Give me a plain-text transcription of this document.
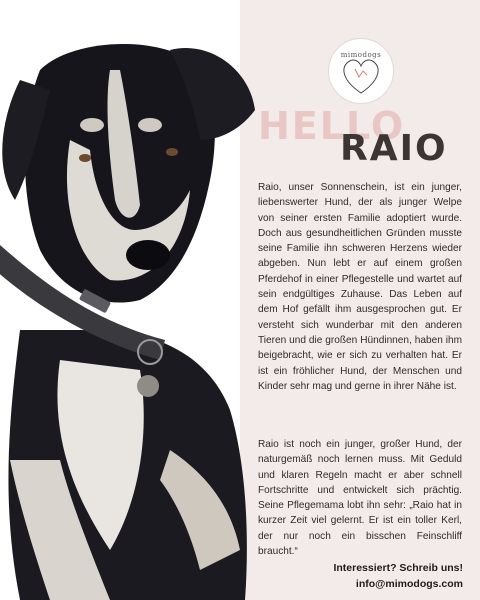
mimodogs
HELLO
RAIO

Raio, unser Sonnenschein, ist ein junger, liebenswerter Hund, der als junger Welpe von seiner ersten Familie adoptiert wurde. Doch aus gesundheitlichen Gründen musste seine Familie ihn schweren Herzens wieder abgeben. Nun lebt er auf einem großen Pferdehof in einer Pflegestelle und wartet auf sein endgültiges Zuhause. Das Leben auf dem Hof gefällt ihm ausgesprochen gut. Er versteht sich wunderbar mit den anderen Tieren und die großen Hündinnen, haben ihm beigebracht, wie er sich zu verhalten hat. Er ist ein fröhlicher Hund, der Menschen und Kinder sehr mag und gerne in ihrer Nähe ist.

Raio ist noch ein junger, großer Hund, der naturgemäß noch lernen muss. Mit Geduld und klaren Regeln macht er aber schnell Fortschritte und entwickelt sich prächtig. Seine Pflegemama lobt ihn sehr: „Raio hat in kurzer Zeit viel gelernt. Er ist ein toller Kerl, der nur noch ein bisschen Feinschliff braucht.“

Interessiert? Schreib uns!

info@mimodogs.com
